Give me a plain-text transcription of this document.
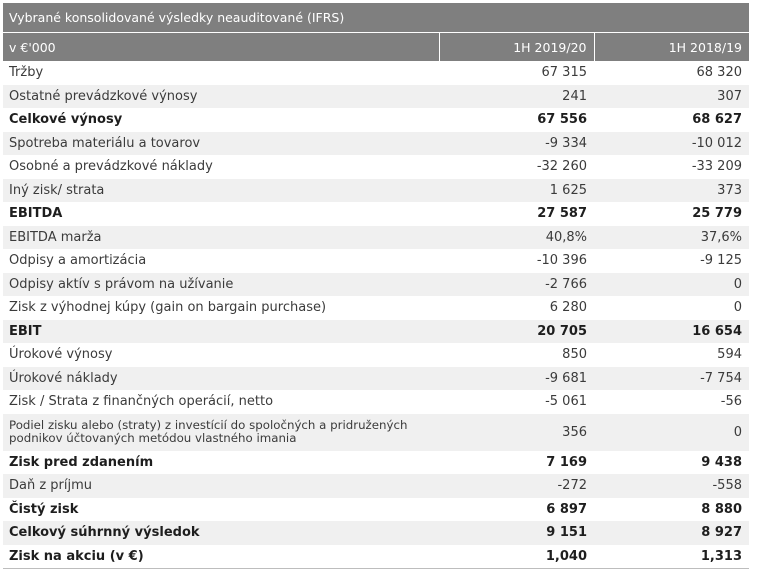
Vybrané konsolidované výsledky neauditované (IFRS)
v €'000	1H 2019/20	1H 2018/19
Tržby	67 315	68 320
Ostatné prevádzkové výnosy	241	307
Celkové výnosy	67 556	68 627
Spotreba materiálu a tovarov	-9 334	-10 012
Osobné a prevádzkové náklady	-32 260	-33 209
Iný zisk/ strata	1 625	373
EBITDA	27 587	25 779
EBITDA marža	40,8%	37,6%
Odpisy a amortizácia	-10 396	-9 125
Odpisy aktív s právom na užívanie	-2 766	0
Zisk z výhodnej kúpy (gain on bargain purchase)	6 280	0
EBIT	20 705	16 654
Úrokové výnosy	850	594
Úrokové náklady	-9 681	-7 754
Zisk / Strata z finančných operácií, netto	-5 061	-56
Podiel zisku alebo (straty) z investícií do spoločných a pridružených podnikov účtovaných metódou vlastného imania	356	0
Zisk pred zdanením	7 169	9 438
Daň z príjmu	-272	-558
Čistý zisk	6 897	8 880
Celkový súhrnný výsledok	9 151	8 927
Zisk na akciu (v €)	1,040	1,313
